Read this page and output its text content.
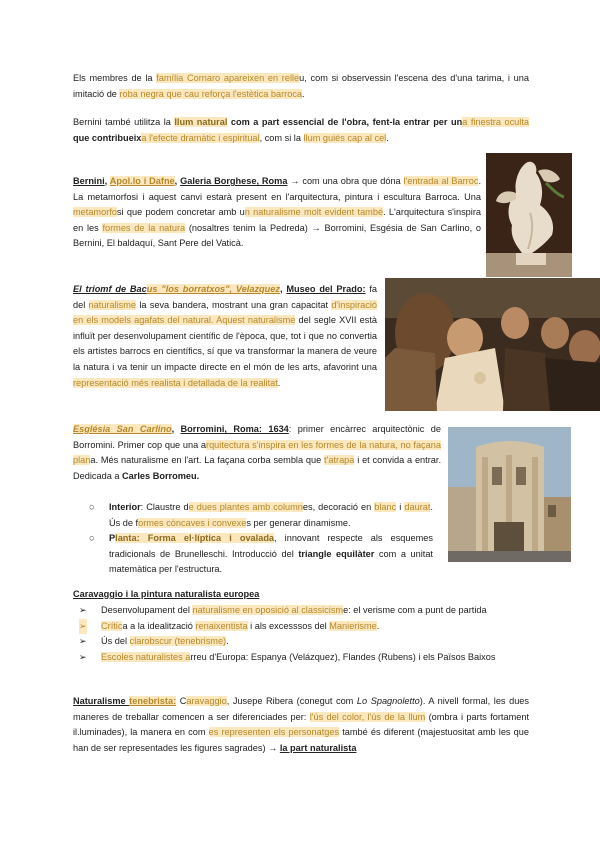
Els membres de la família Cornaro apareixen en relleu, com si observessin l'escena des d'una tarima, i una imitació de roba negra que cau reforça l'estètica barroca.

Bernini també utilitza la llum natural com a part essencial de l'obra, fent-la entrar per una finestra oculta que contribueixa l'efecte dramàtic i espiritual, com si la llum guiés cap al cel.

Bernini, Apol.lo i Dafne, Galeria Borghese, Roma → com una obra que dóna l'entrada al Barroc. La metamorfosi i aquest canvi estarà present en l'arquitectura, pintura i escultura Barroca. Una metamorfosi que podem concretar amb un naturalisme molt evident també. L'arquitectura s'inspira en les formes de la natura (nosaltres tenim la Pedreda) → Borromini, Esgésia de San Carlino, o Bernini, El baldaquí, Sant Pere del Vaticà.

El triomf de Bacus "los borratxos", Velazquez, Museo del Prado: fa del naturalisme la seva bandera, mostrant una gran capacitat d'inspiració en els models agafats del natural. Aquest naturalisme del segle XVII està influït per desenvolupament científic de l'època, que, tot i que no convertia els artistes barrocs en científics, sí que va transformar la manera de veure la natura i va tenir un impacte directe en el món de les arts, afavorint una representació més realista i detallada de la realitat.

Església San Carlino, Borromini, Roma: 1634: primer encàrrec arquitectònic de Borromini. Primer cop que una arquitectura s'inspira en les formes de la natura, no façana plana. Més naturalisme en l'art. La façana corba sembla que t'atrapa i et convida a entrar. Dedicada a Carles Borromeu.

○ Interior: Claustre de dues plantes amb columnes, decoració en blanc i daurat. Ús de formes còncaves i convexes per generar dinamisme.
○ Planta: Forma el·líptica i ovalada, innovant respecte als esquemes tradicionals de Brunelleschi. Introducció del triangle equilàter com a unitat matemàtica per l'estructura.

Caravaggio i la pintura naturalista europea

➢ Desenvolupament del naturalisme en oposició al classicisme: el verisme com a punt de partida
➢ Crítica a la idealització renaixentista i als excesssos del Manierisme.
➢ Ús del clarobscur (tenebrisme).
➢ Escoles naturalistes arreu d'Europa: Espanya (Velázquez), Flandes (Rubens) i els Països Baixos

Naturalisme tenebrista: Caravaggio, Jusepe Ribera (conegut com Lo Spagnoletto). A nivell formal, les dues maneres de treballar comencen a ser diferenciades per: l'ús del color, l'ús de la llum (ombra i parts fortament il.luminades), la manera en com es representen els personatges també és diferent (majestuositat amb les que han de ser representades les figures sagrades) → la part naturalista
